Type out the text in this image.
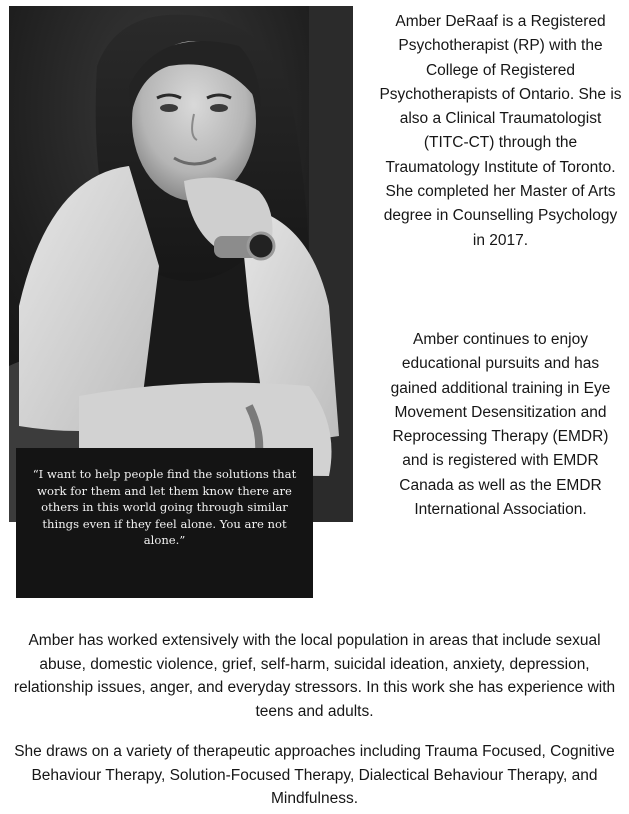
“I want to help people find the solutions that work for them and let them know there are others in this world going through similar things even if they feel alone. You are not alone.”

Amber DeRaaf is a Registered Psychotherapist (RP) with the College of Registered Psychotherapists of Ontario. She is also a Clinical Traumatologist (TITC-CT) through the Traumatology Institute of Toronto. She completed her Master of Arts degree in Counselling Psychology in 2017.

Amber continues to enjoy educational pursuits and has gained additional training in Eye Movement Desensitization and Reprocessing Therapy (EMDR) and is registered with EMDR Canada as well as the EMDR International Association.

Amber has worked extensively with the local population in areas that include sexual abuse, domestic violence, grief, self-harm, suicidal ideation, anxiety, depression, relationship issues, anger, and everyday stressors. In this work she has experience with teens and adults.

She draws on a variety of therapeutic approaches including Trauma Focused, Cognitive Behaviour Therapy, Solution-Focused Therapy, Dialectical Behaviour Therapy, and Mindfulness.
